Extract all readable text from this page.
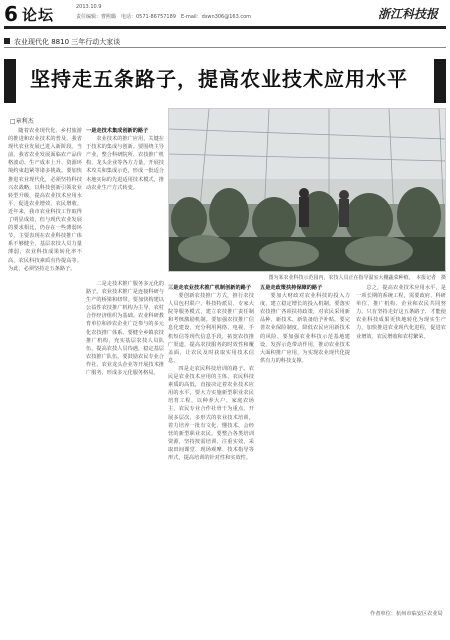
6 论坛	2013.10.9
责任编辑：曹熙璐　电话：0571-86757189　E-mail：dswn306@163.com	浙江科技报
农业现代化 8810 三年行动大家谈
坚持走五条路子，提高农业技术应用水平
□章利杰

随着农业现代化、乡村旅游的推进和农业技术的普及，我省现代农业发展已进入新阶段。当前，我省农业发展面临农产品价格波动、生产成本上升、资源环境约束趋紧等诸多挑战。要加快推进农业现代化，必须坚持科技兴农战略，以科技创新引领农业转型升级，提高农业技术应用水平，促进农业增效、农民增收。近年来，我市农业科技工作取得了明显成效，但与现代农业发展的要求相比，仍存在一些薄弱环节，主要表现在农业科技推广体系不够健全，基层农技人员力量薄弱，农业科技成果转化率不高，农民科技素质有待提高等。为此，必须坚持走五条路子。

一是走技术集成创新的路子

农业技术的推广应用，关键在于技术的集成与创新。要围绕主导产业，整合科研院所、农技推广机构、龙头企业等各方力量，开展技术攻关和集成示范，形成一批适合本地实际的先进适用技术模式，推动农业生产方式转变。

二是走技术推广服务多元化的路子。农业技术推广是连接科研与生产的桥梁和纽带。要加快构建以公益性农技推广机构为主导、农村合作经济组织为基础、农业科研教育单位和涉农企业广泛参与的多元化农技推广体系。要健全乡镇农技推广机构，充实基层农技人员队伍，提高农技人员待遇，稳定基层农技推广队伍。要鼓励农民专业合作社、农业龙头企业等开展技术推广服务，形成多元化服务格局。

图为某农业科技示范园内，农技人员正在指导温室大棚蔬菜种植。　本报记者　摄
三是走农业技术推广机制创新的路子

要创新农技推广方式，推行农技人员包村联户、科技特派员、专家大院等服务模式，建立农技推广责任制和考核激励机制。要加强农技推广信息化建设，充分利用网络、电视、手机短信等现代信息手段，拓宽农技推广渠道，提高农技服务的时效性和覆盖面，让农民及时获取实用技术信息。

四是走农民科技培训的路子。农民是农业技术应用的主体，农民科技素质的高低，直接决定着农业技术应用的水平。要大力实施新型职业农民培育工程，以种养大户、家庭农场主、农民专业合作社骨干为重点，开展多层次、多形式的农业技术培训，着力培养一批有文化、懂技术、会经营的新型职业农民。要整合各类培训资源，坚持按需培训、注重实效，采取田间课堂、现场观摩、技术指导等形式，提高培训的针对性和实效性。

五是走政策扶持保障的路子

要加大财政对农业科技的投入力度，建立稳定增长的投入机制。要落实农技推广各项扶持政策，对农民采用新品种、新技术、新装备给予补贴。要完善农业保险制度，降低农民应用新技术的风险。要加强农业科技示范基地建设，发挥示范带动作用，推动农业技术大面积推广应用，为实现农业现代化提供有力的科技支撑。

总之，提高农业技术应用水平，是一项长期的系统工程，需要政府、科研单位、推广机构、企业和农民共同努力。只有坚持走好这五条路子，才能使农业科技成果更快地转化为现实生产力，加快推进农业现代化进程，促进农业增效、农民增收和农村繁荣。

作者单位：杭州市临安区农业局
